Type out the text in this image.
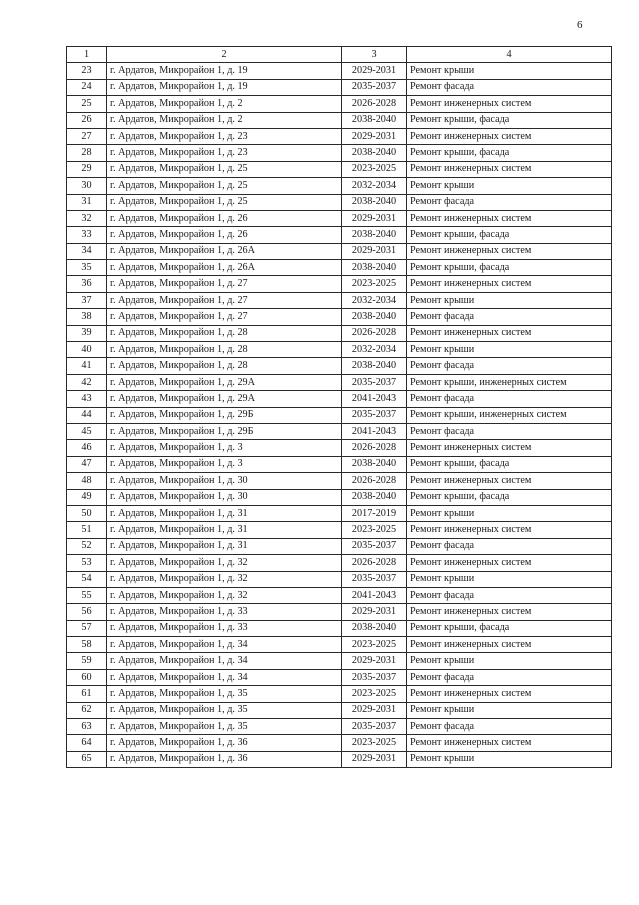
6
1	2	3	4
23	г. Ардатов, Микрорайон 1, д. 19	2029-2031	Ремонт крыши
24	г. Ардатов, Микрорайон 1, д. 19	2035-2037	Ремонт фасада
25	г. Ардатов, Микрорайон 1, д. 2	2026-2028	Ремонт инженерных систем
26	г. Ардатов, Микрорайон 1, д. 2	2038-2040	Ремонт крыши, фасада
27	г. Ардатов, Микрорайон 1, д. 23	2029-2031	Ремонт инженерных систем
28	г. Ардатов, Микрорайон 1, д. 23	2038-2040	Ремонт крыши, фасада
29	г. Ардатов, Микрорайон 1, д. 25	2023-2025	Ремонт инженерных систем
30	г. Ардатов, Микрорайон 1, д. 25	2032-2034	Ремонт крыши
31	г. Ардатов, Микрорайон 1, д. 25	2038-2040	Ремонт фасада
32	г. Ардатов, Микрорайон 1, д. 26	2029-2031	Ремонт инженерных систем
33	г. Ардатов, Микрорайон 1, д. 26	2038-2040	Ремонт крыши, фасада
34	г. Ардатов, Микрорайон 1, д. 26А	2029-2031	Ремонт инженерных систем
35	г. Ардатов, Микрорайон 1, д. 26А	2038-2040	Ремонт крыши, фасада
36	г. Ардатов, Микрорайон 1, д. 27	2023-2025	Ремонт инженерных систем
37	г. Ардатов, Микрорайон 1, д. 27	2032-2034	Ремонт крыши
38	г. Ардатов, Микрорайон 1, д. 27	2038-2040	Ремонт фасада
39	г. Ардатов, Микрорайон 1, д. 28	2026-2028	Ремонт инженерных систем
40	г. Ардатов, Микрорайон 1, д. 28	2032-2034	Ремонт крыши
41	г. Ардатов, Микрорайон 1, д. 28	2038-2040	Ремонт фасада
42	г. Ардатов, Микрорайон 1, д. 29А	2035-2037	Ремонт крыши, инженерных систем
43	г. Ардатов, Микрорайон 1, д. 29А	2041-2043	Ремонт фасада
44	г. Ардатов, Микрорайон 1, д. 29Б	2035-2037	Ремонт крыши, инженерных систем
45	г. Ардатов, Микрорайон 1, д. 29Б	2041-2043	Ремонт фасада
46	г. Ардатов, Микрорайон 1, д. 3	2026-2028	Ремонт инженерных систем
47	г. Ардатов, Микрорайон 1, д. 3	2038-2040	Ремонт крыши, фасада
48	г. Ардатов, Микрорайон 1, д. 30	2026-2028	Ремонт инженерных систем
49	г. Ардатов, Микрорайон 1, д. 30	2038-2040	Ремонт крыши, фасада
50	г. Ардатов, Микрорайон 1, д. 31	2017-2019	Ремонт крыши
51	г. Ардатов, Микрорайон 1, д. 31	2023-2025	Ремонт инженерных систем
52	г. Ардатов, Микрорайон 1, д. 31	2035-2037	Ремонт фасада
53	г. Ардатов, Микрорайон 1, д. 32	2026-2028	Ремонт инженерных систем
54	г. Ардатов, Микрорайон 1, д. 32	2035-2037	Ремонт крыши
55	г. Ардатов, Микрорайон 1, д. 32	2041-2043	Ремонт фасада
56	г. Ардатов, Микрорайон 1, д. 33	2029-2031	Ремонт инженерных систем
57	г. Ардатов, Микрорайон 1, д. 33	2038-2040	Ремонт крыши, фасада
58	г. Ардатов, Микрорайон 1, д. 34	2023-2025	Ремонт инженерных систем
59	г. Ардатов, Микрорайон 1, д. 34	2029-2031	Ремонт крыши
60	г. Ардатов, Микрорайон 1, д. 34	2035-2037	Ремонт фасада
61	г. Ардатов, Микрорайон 1, д. 35	2023-2025	Ремонт инженерных систем
62	г. Ардатов, Микрорайон 1, д. 35	2029-2031	Ремонт крыши
63	г. Ардатов, Микрорайон 1, д. 35	2035-2037	Ремонт фасада
64	г. Ардатов, Микрорайон 1, д. 36	2023-2025	Ремонт инженерных систем
65	г. Ардатов, Микрорайон 1, д. 36	2029-2031	Ремонт крыши
